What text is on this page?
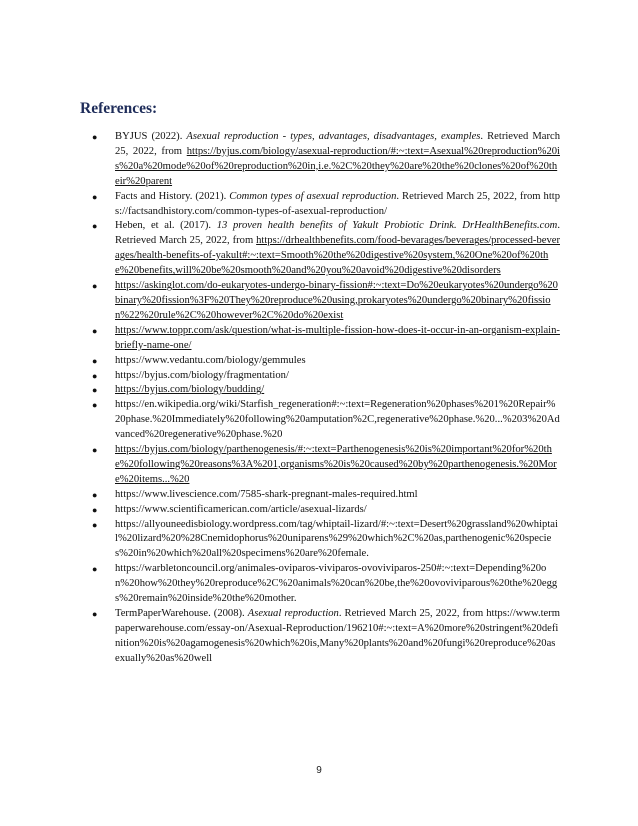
References:
● BYJUS (2022). Asexual reproduction - types, advantages, disadvantages, examples. Retrieved March 25, 2022, from https://byjus.com/biology/asexual-reproduction/#:~:text=Asexual%20reproduction%20is%20a%20mode%20of%20reproduction%20in,i.e.%2C%20they%20are%20the%20clones%20of%20their%20parent
● Facts and History. (2021). Common types of asexual reproduction. Retrieved March 25, 2022, from https://factsandhistory.com/common-types-of-asexual-reproduction/
● Heben, et al. (2017). 13 proven health benefits of Yakult Probiotic Drink. DrHealthBenefits.com. Retrieved March 25, 2022, from https://drhealthbenefits.com/food-bevarages/beverages/processed-beverages/health-benefits-of-yakult#:~:text=Smooth%20the%20digestive%20system,%20One%20of%20the%20benefits,will%20be%20smooth%20and%20you%20avoid%20digestive%20disorders
● https://askinglot.com/do-eukaryotes-undergo-binary-fission#:~:text=Do%20eukaryotes%20undergo%20binary%20fission%3F%20They%20reproduce%20using,prokaryotes%20undergo%20binary%20fission%22%20rule%2C%20however%2C%20do%20exist
● https://www.toppr.com/ask/question/what-is-multiple-fission-how-does-it-occur-in-an-organism-explain-briefly-name-one/
● https://www.vedantu.com/biology/gemmules
● https://byjus.com/biology/fragmentation/
● https://byjus.com/biology/budding/
● https://en.wikipedia.org/wiki/Starfish_regeneration#:~:text=Regeneration%20phases%201%20Repair%20phase.%20Immediately%20following%20amputation%2C,regenerative%20phase.%20...%203%20Advanced%20regenerative%20phase.%20
● https://byjus.com/biology/parthenogenesis/#:~:text=Parthenogenesis%20is%20important%20for%20the%20following%20reasons%3A%201,organisms%20is%20caused%20by%20parthenogenesis.%20More%20items...%20
● https://www.livescience.com/7585-shark-pregnant-males-required.html
● https://www.scientificamerican.com/article/asexual-lizards/
● https://allyouneedisbiology.wordpress.com/tag/whiptail-lizard/#:~:text=Desert%20grassland%20whiptail%20lizard%20%28Cnemidophorus%20uniparens%29%20which%2C%20as,parthenogenic%20species%20in%20which%20all%20specimens%20are%20female.
● https://warbletoncouncil.org/animales-oviparos-viviparos-ovoviviparos-250#:~:text=Depending%20on%20how%20they%20reproduce%2C%20animals%20can%20be,the%20ovoviviparous%20the%20eggs%20remain%20inside%20the%20mother.
● TermPaperWarehouse. (2008). Asexual reproduction. Retrieved March 25, 2022, from https://www.termpaperwarehouse.com/essay-on/Asexual-Reproduction/196210#:~:text=A%20more%20stringent%20definition%20is%20agamogenesis%20which%20is,Many%20plants%20and%20fungi%20reproduce%20asexually%20as%20well
9
